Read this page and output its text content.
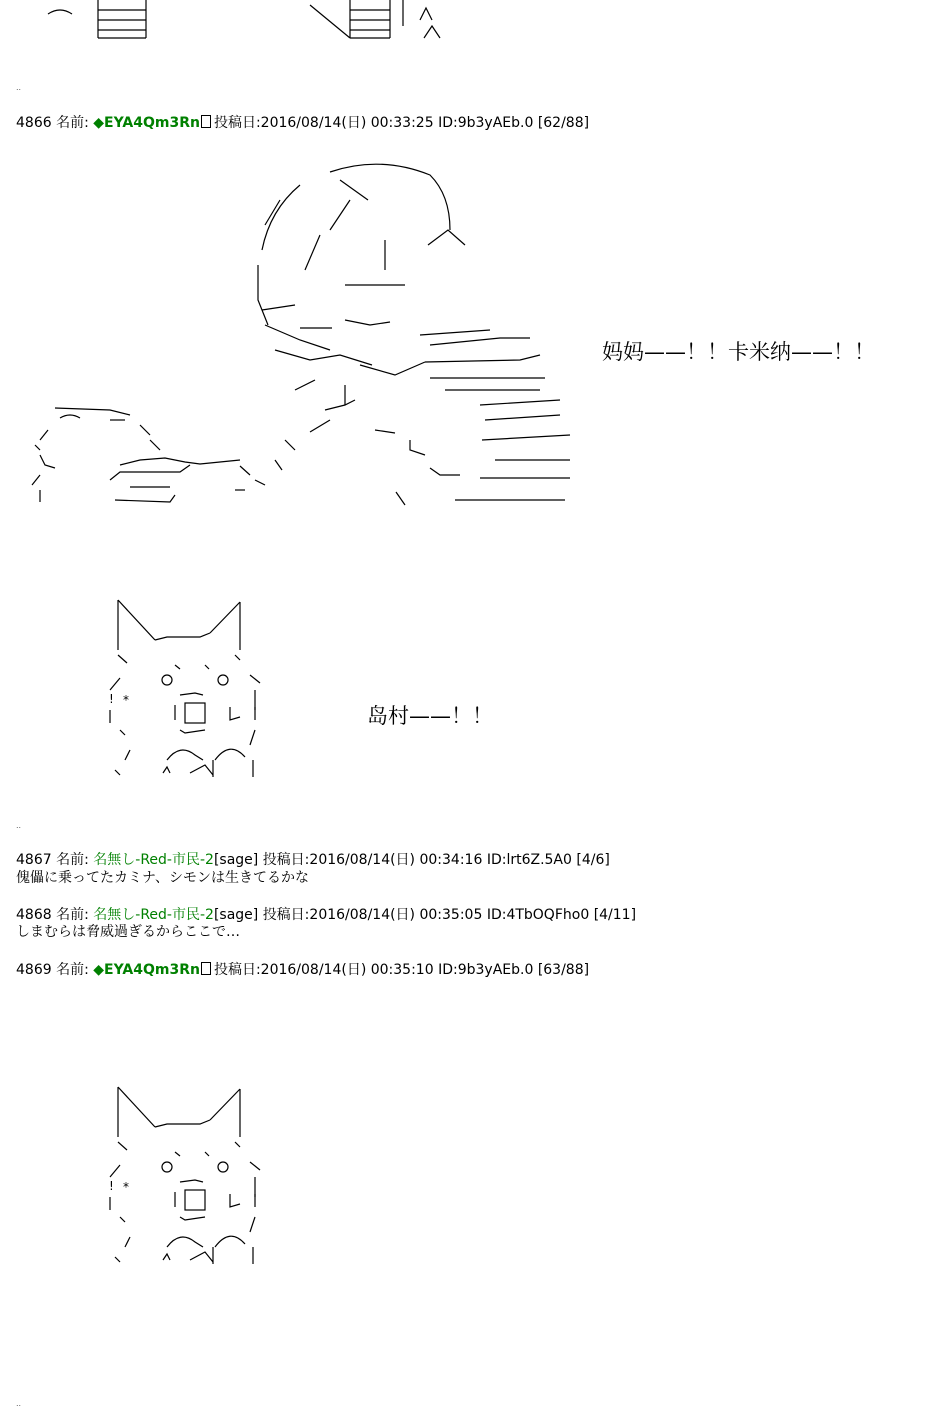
..
4866 名前: ◆EYA4Qm3Rn 投稿日:2016/08/14(日) 00:33:25 ID:9b3yAEb.0 [62/88]
妈妈——！！卡米纳——！！
! *
岛村——！！
..
4867 名前: 名無し-Red-市民-2[sage] 投稿日:2016/08/14(日) 00:34:16 ID:lrt6Z.5A0 [4/6]
傀儡に乗ってたカミナ、シモンは生きてるかな
4868 名前: 名無し-Red-市民-2[sage] 投稿日:2016/08/14(日) 00:35:05 ID:4TbOQFho0 [4/11]
しまむらは脅威過ぎるからここで…
4869 名前: ◆EYA4Qm3Rn 投稿日:2016/08/14(日) 00:35:10 ID:9b3yAEb.0 [63/88]
! *
..
